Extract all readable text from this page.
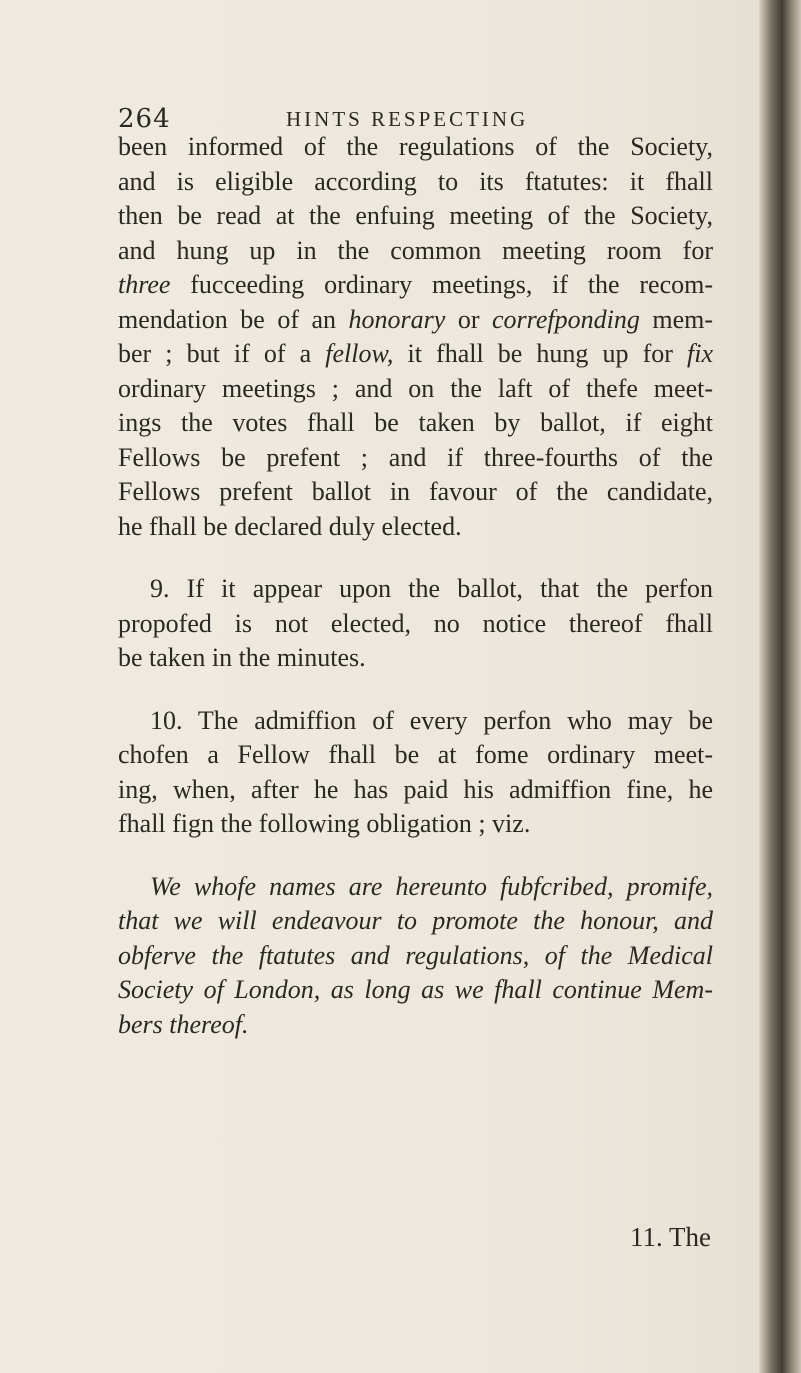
264	HINTS RESPECTING
been informed of the regulations of the Society,
and is eligible according to its ftatutes: it fhall
then be read at the enfuing meeting of the Society,
and hung up in the common meeting room for
three fucceeding ordinary meetings, if the recom-
mendation be of an honorary or correfponding mem-
ber ; but if of a fellow, it fhall be hung up for fix
ordinary meetings ; and on the laft of thefe meet-
ings the votes fhall be taken by ballot, if eight
Fellows be prefent ; and if three-fourths of the
Fellows prefent ballot in favour of the candidate,
he fhall be declared duly elected.
9. If it appear upon the ballot, that the perfon
propofed is not elected, no notice thereof fhall
be taken in the minutes.
10. The admiffion of every perfon who may be
chofen a Fellow fhall be at fome ordinary meet-
ing, when, after he has paid his admiffion fine, he
fhall fign the following obligation ; viz.
We whofe names are hereunto fubfcribed, promife,
that we will endeavour to promote the honour, and
obferve the ftatutes and regulations, of the Medical
Society of London, as long as we fhall continue Mem-
bers thereof.
11. The
